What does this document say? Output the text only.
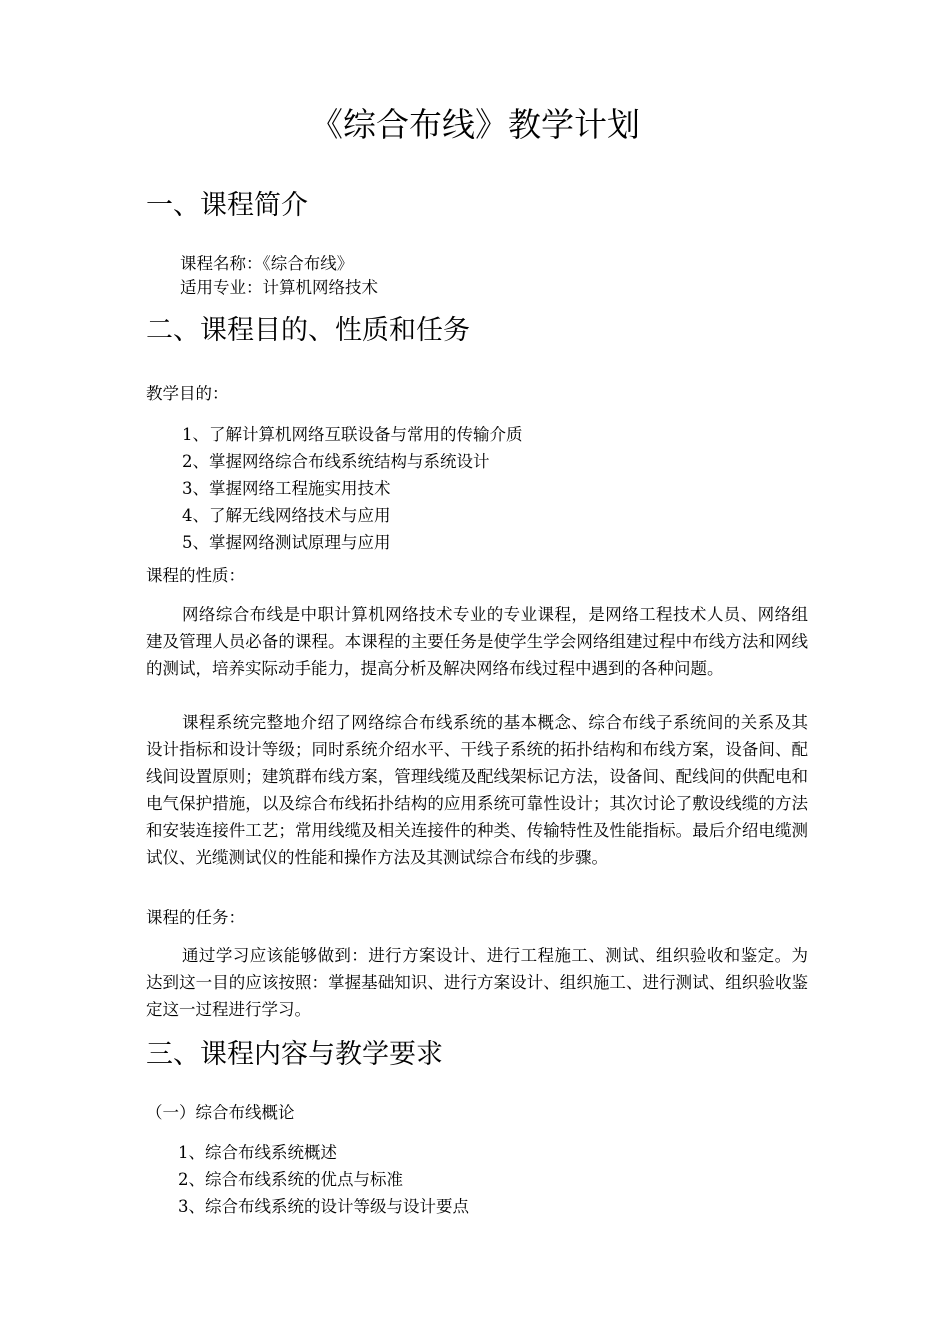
《综合布线》教学计划
一、课程简介
课程名称：《综合布线》
适用专业：计算机网络技术
二、课程目的、性质和任务
教学目的：
1、了解计算机网络互联设备与常用的传输介质
2、掌握网络综合布线系统结构与系统设计
3、掌握网络工程施实用技术
4、了解无线网络技术与应用
5、掌握网络测试原理与应用
课程的性质：
网络综合布线是中职计算机网络技术专业的专业课程，是网络工程技术人员、网络组建及管理人员必备的课程。本课程的主要任务是使学生学会网络组建过程中布线方法和网线的测试，培养实际动手能力，提高分析及解决网络布线过程中遇到的各种问题。
课程系统完整地介绍了网络综合布线系统的基本概念、综合布线子系统间的关系及其设计指标和设计等级；同时系统介绍水平、干线子系统的拓扑结构和布线方案，设备间、配线间设置原则；建筑群布线方案，管理线缆及配线架标记方法，设备间、配线间的供配电和电气保护措施，以及综合布线拓扑结构的应用系统可靠性设计；其次讨论了敷设线缆的方法和安装连接件工艺；常用线缆及相关连接件的种类、传输特性及性能指标。最后介绍电缆测试仪、光缆测试仪的性能和操作方法及其测试综合布线的步骤。
课程的任务：
通过学习应该能够做到：进行方案设计、进行工程施工、测试、组织验收和鉴定。为达到这一目的应该按照：掌握基础知识、进行方案设计、组织施工、进行测试、组织验收鉴定这一过程进行学习。
三、课程内容与教学要求
（一）综合布线概论
1、综合布线系统概述
2、综合布线系统的优点与标准
3、综合布线系统的设计等级与设计要点
